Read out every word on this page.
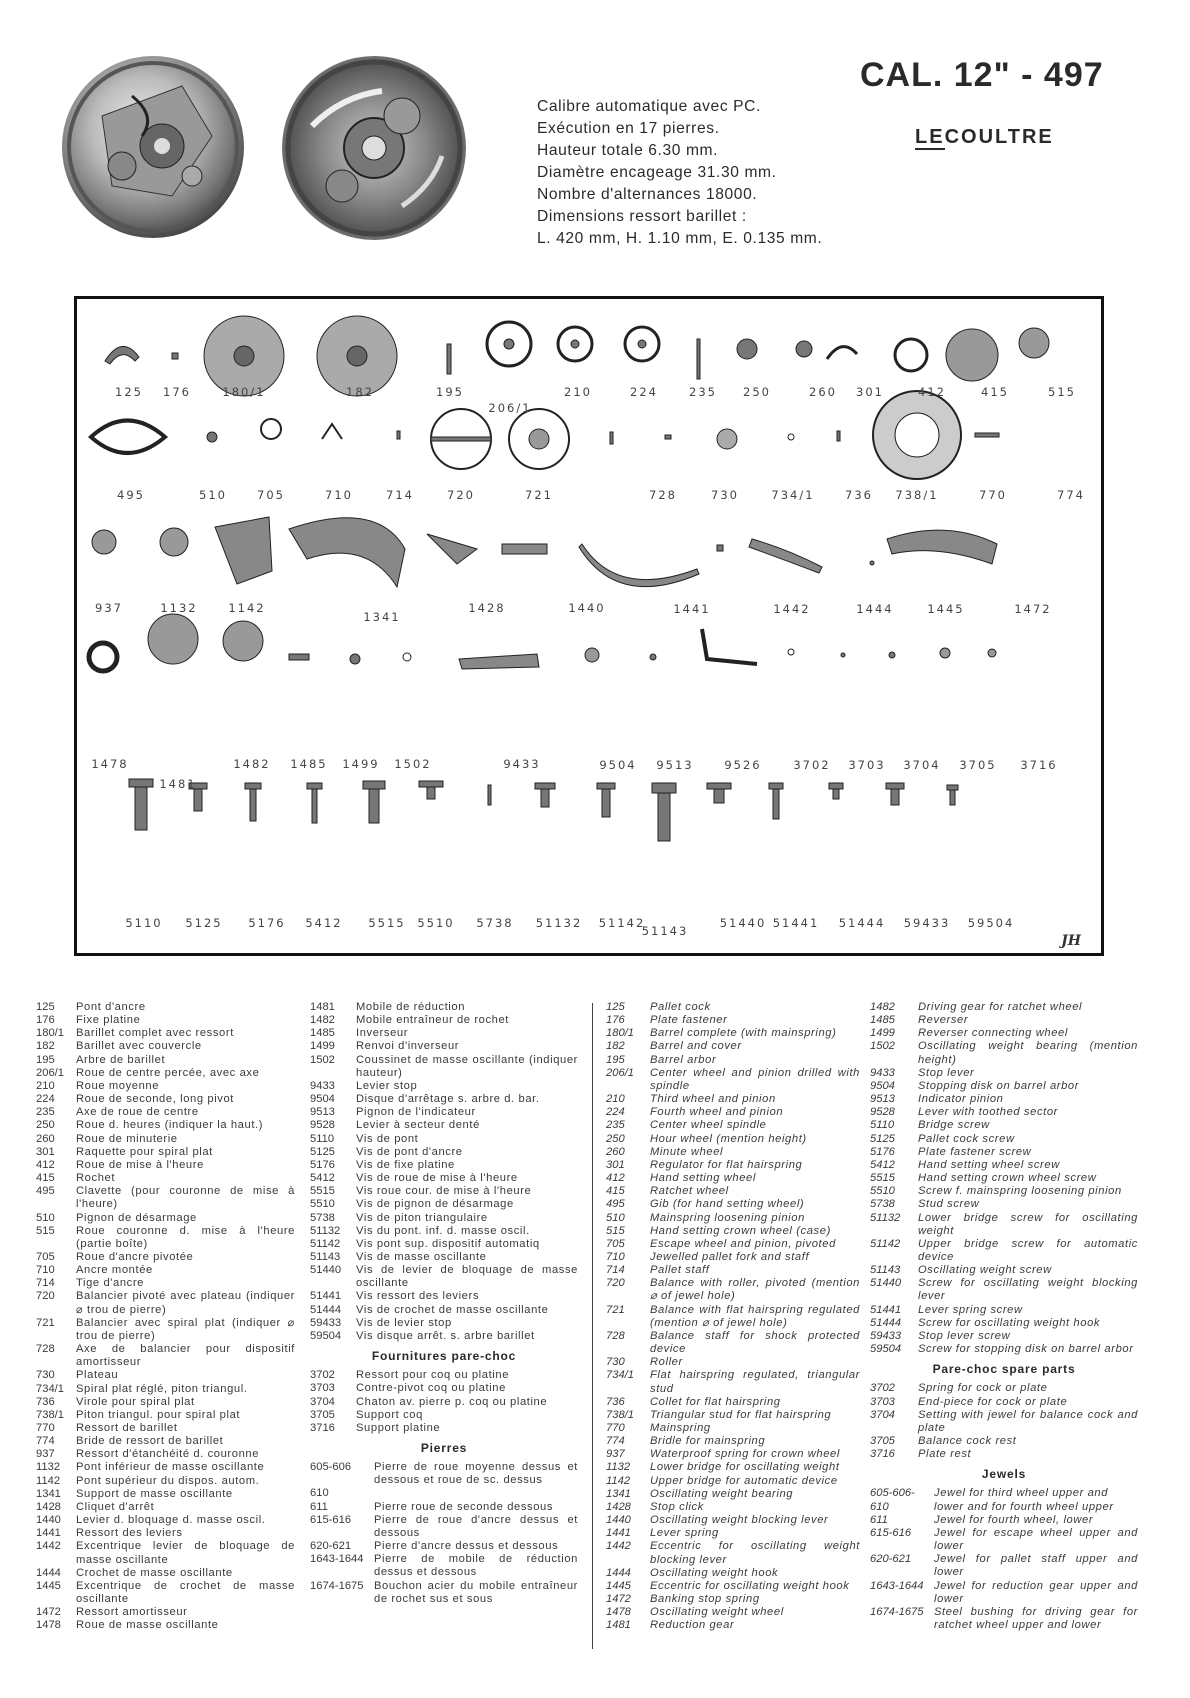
CAL. 12" - 497
LECOULTRE
Calibre automatique avec PC.
Exécution en 17 pierres.
Hauteur totale 6.30 mm.
Diamètre encageage 31.30 mm.
Nombre d'alternances 18000.
Dimensions ressort barillet :
L. 420 mm, H. 1.10 mm, E. 0.135 mm.
125 176	180/1	182	195
206/1
210	224	235 250	260 301	412	415	515
495	510	705	710	714	720	721	728	730	734/1	736 738/1	770	774
937	1132	1142
1341
1428	1440	1441	1442	1444	1445	1472
1478
1481
1482 1485 1499 1502	9433	9504 9513	9526	3702 3703 3704 3705 3716
5110 5125 5176 5412 5515 5510 5738 51132 51142
51143
51440 51441 51444 59433 59504
JH
125	Pont d'ancre
176	Fixe platine
180/1	Barillet complet avec ressort
182	Barillet avec couvercle
195	Arbre de barillet
206/1	Roue de centre percée, avec axe
210	Roue moyenne
224	Roue de seconde, long pivot
235	Axe de roue de centre
250	Roue d. heures (indiquer la haut.)
260	Roue de minuterie
301	Raquette pour spiral plat
412	Roue de mise à l'heure
415	Rochet
495	Clavette (pour couronne de mise à l'heure)
510	Pignon de désarmage
515	Roue couronne d. mise à l'heure (partie boîte)
705	Roue d'ancre pivotée
710	Ancre montée
714	Tige d'ancre
720	Balancier pivoté avec plateau (indiquer ⌀ trou de pierre)
721	Balancier avec spiral plat (indiquer ⌀ trou de pierre)
728	Axe de balancier pour dispositif amortisseur
730	Plateau
734/1	Spiral plat réglé, piton triangul.
736	Virole pour spiral plat
738/1	Piton triangul. pour spiral plat
770	Ressort de barillet
774	Bride de ressort de barillet
937	Ressort d'étanchéité d. couronne
1132	Pont inférieur de masse oscillante
1142	Pont supérieur du dispos. autom.
1341	Support de masse oscillante
1428	Cliquet d'arrêt
1440	Levier d. bloquage d. masse oscil.
1441	Ressort des leviers
1442	Excentrique levier de bloquage de masse oscillante
1444	Crochet de masse oscillante
1445	Excentrique de crochet de masse oscillante
1472	Ressort amortisseur
1478	Roue de masse oscillante
1481	Mobile de réduction
1482	Mobile entraîneur de rochet
1485	Inverseur
1499	Renvoi d'inverseur
1502	Coussinet de masse oscillante (indiquer hauteur)
9433	Levier stop
9504	Disque d'arrêtage s. arbre d. bar.
9513	Pignon de l'indicateur
9528	Levier à secteur denté
5110	Vis de pont
5125	Vis de pont d'ancre
5176	Vis de fixe platine
5412	Vis de roue de mise à l'heure
5515	Vis roue cour. de mise à l'heure
5510	Vis de pignon de désarmage
5738	Vis de piton triangulaire
51132	Vis du pont. inf. d. masse oscil.
51142	Vis pont sup. dispositif automatiq
51143	Vis de masse oscillante
51440	Vis de levier de bloquage de masse oscillante
51441	Vis ressort des leviers
51444	Vis de crochet de masse oscillante
59433	Vis de levier stop
59504	Vis disque arrêt. s. arbre barillet
Fournitures pare-choc
3702	Ressort pour coq ou platine
3703	Contre-pivot coq ou platine
3704	Chaton av. pierre p. coq ou platine
3705	Support coq
3716	Support platine
Pierres
605-606	Pierre de roue moyenne dessus et dessous et roue de sc. dessus
610
611	Pierre roue de seconde dessous
615-616	Pierre de roue d'ancre dessus et dessous
620-621	Pierre d'ancre dessus et dessous
1643-1644 Pierre de mobile de réduction dessus et dessous
1674-1675 Bouchon acier du mobile entraîneur de rochet sus et sous
125	Pallet cock
176	Plate fastener
180/1	Barrel complete (with mainspring)
182	Barrel and cover
195	Barrel arbor
206/1	Center wheel and pinion drilled with spindle
210	Third wheel and pinion
224	Fourth wheel and pinion
235	Center wheel spindle
250	Hour wheel (mention height)
260	Minute wheel
301	Regulator for flat hairspring
412	Hand setting wheel
415	Ratchet wheel
495	Gib (for hand setting wheel)
510	Mainspring loosening pinion
515	Hand setting crown wheel (case)
705	Escape wheel and pinion, pivoted
710	Jewelled pallet fork and staff
714	Pallet staff
720	Balance with roller, pivoted (mention ⌀ of jewel hole)
721	Balance with flat hairspring regulated (mention ⌀ of jewel hole)
728	Balance staff for shock protected device
730	Roller
734/1	Flat hairspring regulated, triangular stud
736	Collet for flat hairspring
738/1	Triangular stud for flat hairspring
770	Mainspring
774	Bridle for mainspring
937	Waterproof spring for crown wheel
1132	Lower bridge for oscillating weight
1142	Upper bridge for automatic device
1341	Oscillating weight bearing
1428	Stop click
1440	Oscillating weight blocking lever
1441	Lever spring
1442	Eccentric for oscillating weight blocking lever
1444	Oscillating weight hook
1445	Eccentric for oscillating weight hook
1472	Banking stop spring
1478	Oscillating weight wheel
1481	Reduction gear
1482	Driving gear for ratchet wheel
1485	Reverser
1499	Reverser connecting wheel
1502	Oscillating weight bearing (mention height)
9433	Stop lever
9504	Stopping disk on barrel arbor
9513	Indicator pinion
9528	Lever with toothed sector
5110	Bridge screw
5125	Pallet cock screw
5176	Plate fastener screw
5412	Hand setting wheel screw
5515	Hand setting crown wheel screw
5510	Screw f. mainspring loosening pinion
5738	Stud screw
51132	Lower bridge screw for oscillating weight
51142	Upper bridge screw for automatic device
51143	Oscillating weight screw
51440	Screw for oscillating weight blocking lever
51441	Lever spring screw
51444	Screw for oscillating weight hook
59433	Stop lever screw
59504	Screw for stopping disk on barrel arbor
Pare-choc spare parts
3702	Spring for cock or plate
3703	End-piece for cock or plate
3704	Setting with jewel for balance cock and plate
3705	Balance cock rest
3716	Plate rest
Jewels
605-606-	Jewel for third wheel upper and
610	lower and for fourth wheel upper
611	Jewel for fourth wheel, lower
615-616	Jewel for escape wheel upper and lower
620-621	Jewel for pallet staff upper and lower
1643-1644 Jewel for reduction gear upper and lower
1674-1675 Steel bushing for driving gear for ratchet wheel upper and lower
